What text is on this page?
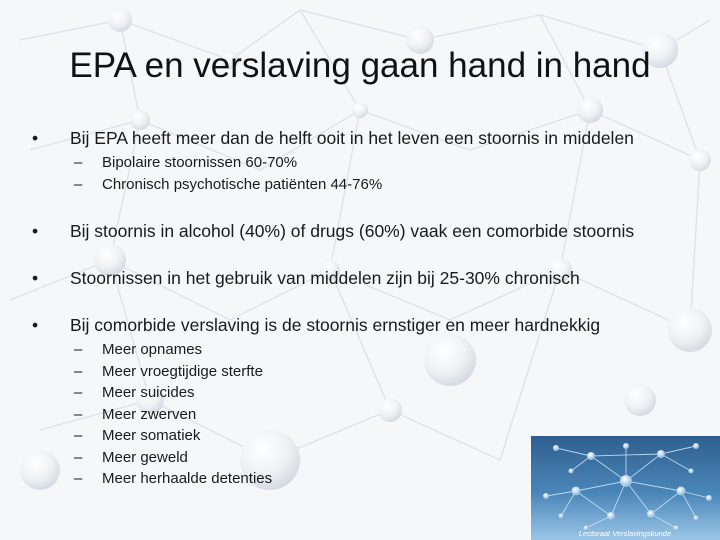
EPA en verslaving gaan hand in hand
• Bij EPA heeft meer dan de helft ooit in het leven een stoornis in middelen
– Bipolaire stoornissen 60-70%
– Chronisch psychotische patiënten 44-76%
• Bij stoornis in alcohol (40%) of drugs (60%) vaak een comorbide stoornis
• Stoornissen in het gebruik van middelen zijn bij 25-30% chronisch
• Bij comorbide verslaving is de stoornis ernstiger en meer hardnekkig
– Meer opnames
– Meer vroegtijdige sterfte
– Meer suicides
– Meer zwerven
– Meer somatiek
– Meer geweld
– Meer herhaalde detenties
Lectoraat Verslavingskunde
